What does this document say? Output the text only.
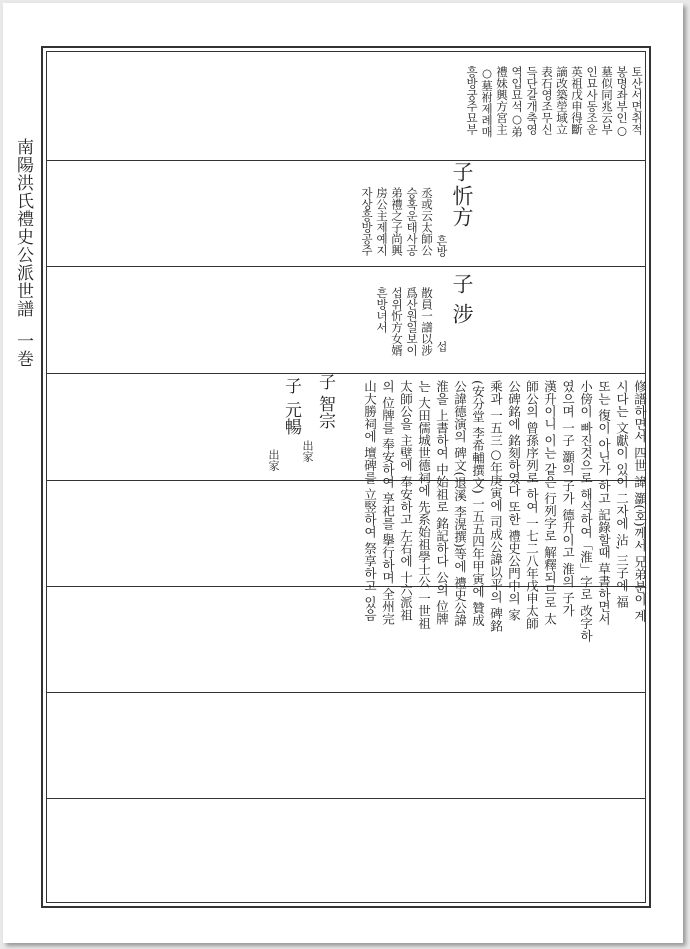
南陽洪氏禮史公派世譜一巻
토산서면취적
봉명좌부인○
墓似同兆云부
인묘사동조운
英祖戊申得斷
謫改築塋域立
表石영조무신
득단갈개축영
역입묘석○弟
禮妹興方宮主
○墓祔제례매
흥방궁주묘부
子
忻方
흔방
丞或云太師公
승혹운태사공
弟禮之子尚興
房公主제예지
자상흥방공주
子
涉
섭
散員一譜以涉
爲산원일보이
섭위忻方女婿
흔방녀서
子
智宗
出家
子
元暢
出家	修譜하면서 四世 諱 灝(호)께서 兄弟분이 계
시다는 文獻이 있어 二자에 沾, 三子에 福
또는 復이 아닌가 하고 記錄할때 草書하면서
小傍이 빠진것으로 해석하여「淮」字로 改字하
였으며 一子 灝의 子가 德升이고 淮의 子가
漢升이니 이는 같은 行列字로 解釋되므로 太
師公의 曾孫序列로 하여 一七二八年戊申太師
公碑銘에 銘刻하였다 또한 禮史公門中의 家
乘과 一五三○年庚寅에 司成公諱以平의 碑銘
(安分堂 李希輔撰文) 一五五四年甲寅에 贊成
公諱德演의 碑文(退溪 李滉撰)等에 禮史公諱
淮을 上書하여 中始祖로 銘記하다 公의 位牌
는 大田儒城世德祠에 先系始祖學士公 一世祖
太師公을 主壁에 奉安하고 左右에 十六派祖
의 位牌를 奉安하여 享祀를 擧行하며 全州完
山大勝祠에 壇碑를 立竪하여 祭享하고 있음
